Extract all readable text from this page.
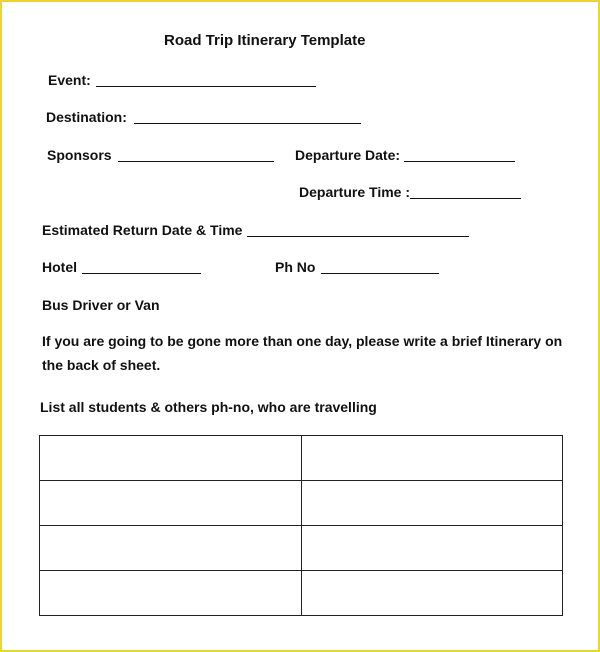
Road Trip Itinerary Template
Event:
Destination:
Sponsors	Departure Date:
Departure Time :
Estimated Return Date & Time
Hotel	Ph No
Bus Driver or Van
If you are going to be gone more than one day, please write a brief Itinerary on the back of sheet.
List all students & others ph-no, who are travelling
